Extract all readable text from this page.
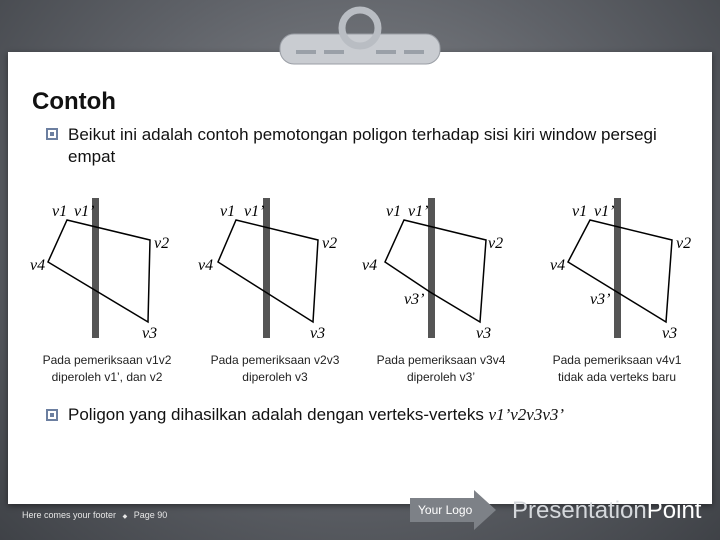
Contoh
Beikut ini adalah contoh pemotongan poligon terhadap sisi kiri window persegi empat
v1 v1’
v2
v4
v3
v1 v1’
v2
v4
v3
v1 v1’
v2
v4
v3’
v3
v1 v1’
v2
v4
v3’
v3
Pada pemeriksaan v1v2
diperoleh v1’, dan v2
Pada pemeriksaan v2v3
diperoleh v3
Pada pemeriksaan v3v4
diperoleh v3’
Pada pemeriksaan v4v1
tidak ada verteks baru
Poligon yang dihasilkan adalah dengan verteks-verteks v1’v2v3v3’
Here comes your footer ◆ Page 90	Your Logo PresentationPoint
